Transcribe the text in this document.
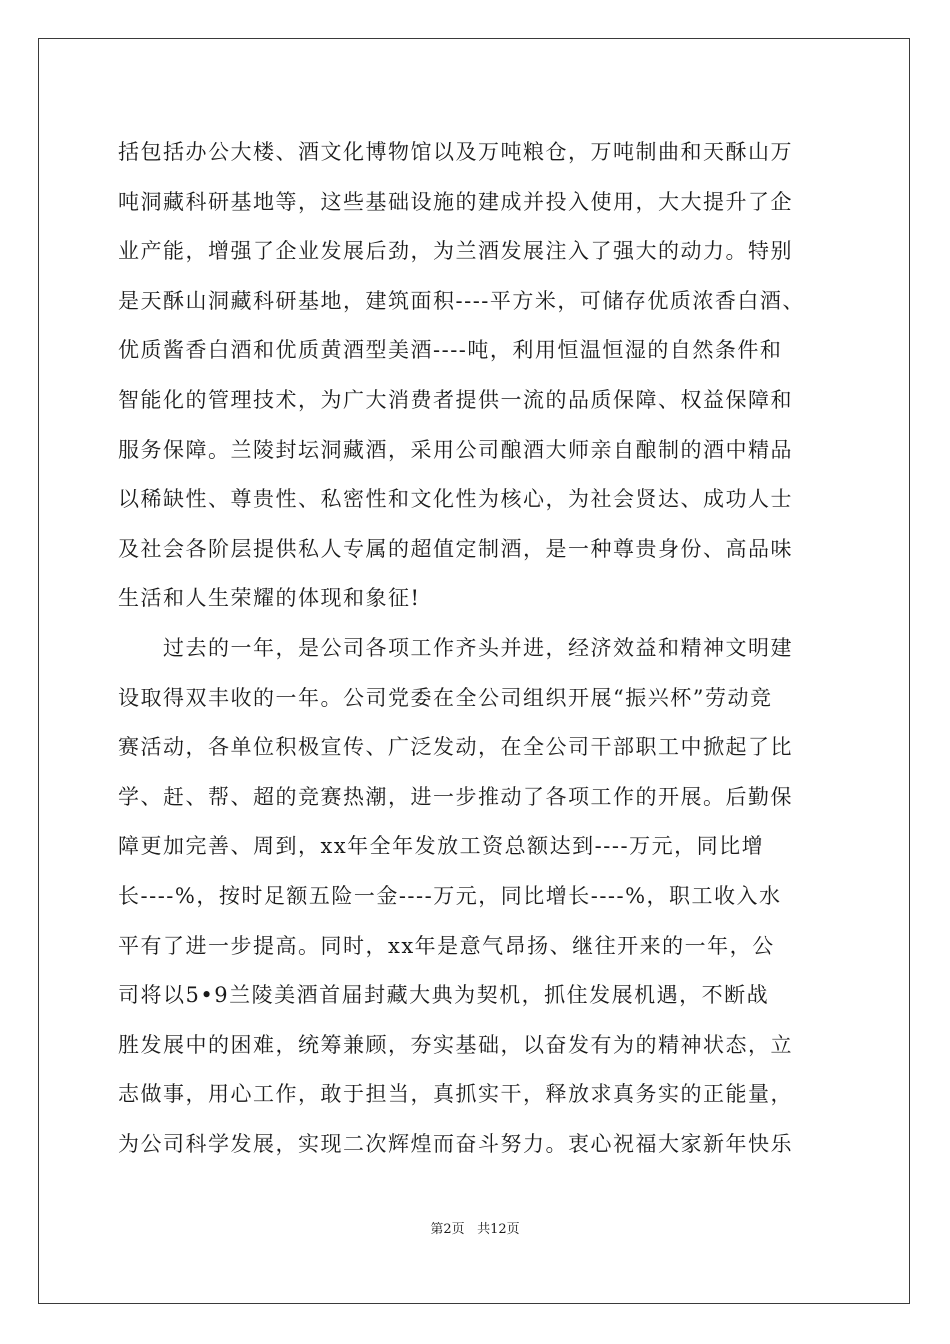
括包括办公大楼、酒文化博物馆以及万吨粮仓，万吨制曲和天酥山万
吨洞藏科研基地等，这些基础设施的建成并投入使用，大大提升了企
业产能，增强了企业发展后劲，为兰酒发展注入了强大的动力。特别
是天酥山洞藏科研基地，建筑面积----平方米，可储存优质浓香白酒、
优质酱香白酒和优质黄酒型美酒----吨，利用恒温恒湿的自然条件和
智能化的管理技术，为广大消费者提供一流的品质保障、权益保障和
服务保障。兰陵封坛洞藏酒，采用公司酿酒大师亲自酿制的酒中精品
以稀缺性、尊贵性、私密性和文化性为核心，为社会贤达、成功人士
及社会各阶层提供私人专属的超值定制酒，是一种尊贵身份、高品味
生活和人生荣耀的体现和象征!
　　过去的一年，是公司各项工作齐头并进，经济效益和精神文明建
设取得双丰收的一年。公司党委在全公司组织开展“振兴杯”劳动竞
赛活动，各单位积极宣传、广泛发动，在全公司干部职工中掀起了比
学、赶、帮、超的竞赛热潮，进一步推动了各项工作的开展。后勤保
障更加完善、周到，xx年全年发放工资总额达到----万元，同比增
长----%，按时足额五险一金----万元，同比增长----%，职工收入水
平有了进一步提高。同时，xx年是意气昂扬、继往开来的一年，公
司将以5•9兰陵美酒首届封藏大典为契机，抓住发展机遇，不断战
胜发展中的困难，统筹兼顾，夯实基础，以奋发有为的精神状态，立
志做事，用心工作，敢于担当，真抓实干，释放求真务实的正能量，
为公司科学发展，实现二次辉煌而奋斗努力。衷心祝福大家新年快乐
第2页 共12页
